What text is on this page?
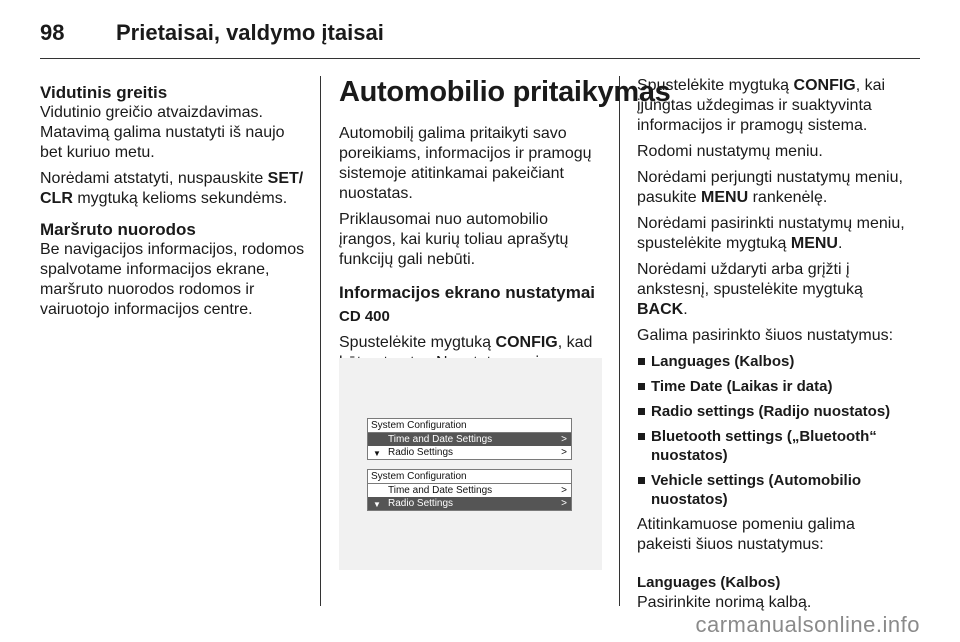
98 Prietaisai, valdymo įtaisai
Vidutinis greitis

Vidutinio greičio atvaizdavimas. Matavimą galima nustatyti iš naujo bet kuriuo metu.

Norėdami atstatyti, nuspauskite SET/ CLR mygtuką kelioms sekundėms.

Maršruto nuorodos

Be navigacijos informacijos, rodomos spalvotame informacijos ekrane, maršruto nuorodos rodomos ir vairuotojo informacijos centre.

Automobilio pritaikymas

Automobilį galima pritaikyti savo poreikiams, informacijos ir pramogų sistemoje atitinkamai pakeičiant nuostatas.

Priklausomai nuo automobilio įrangos, kai kurių toliau aprašytų funkcijų gali nebūti.

Informacijos ekrano nustatymai
CD 400

Spustelėkite mygtuką CONFIG, kad

System Configuration
Time and Date Settings	>
▼ Radio Settings	>
System Configuration
Time and Date Settings	>
▼ Radio Settings	>

Spustelėkite mygtuką CONFIG, kai įjungtas uždegimas ir suaktyvinta informacijos ir pramogų sistema.

Rodomi nustatymų meniu.

Norėdami perjungti nustatymų meniu, pasukite MENU rankenėlę.

Norėdami pasirinkti nustatymų meniu, spustelėkite mygtuką MENU.

Norėdami uždaryti arba grįžti į ankstesnį, spustelėkite mygtuką BACK.

Galima pasirinkto šiuos nustatymus:

Languages (Kalbos)
Time Date (Laikas ir data)
Radio settings (Radijo nuostatos)
Bluetooth settings („Bluetooth“ nuostatos)
Vehicle settings (Automobilio nuostatos)

Atitinkamuose pomeniu galima pakeisti šiuos nustatymus:

Languages (Kalbos)

Pasirinkite norimą kalbą.

carmanualsonline.info
